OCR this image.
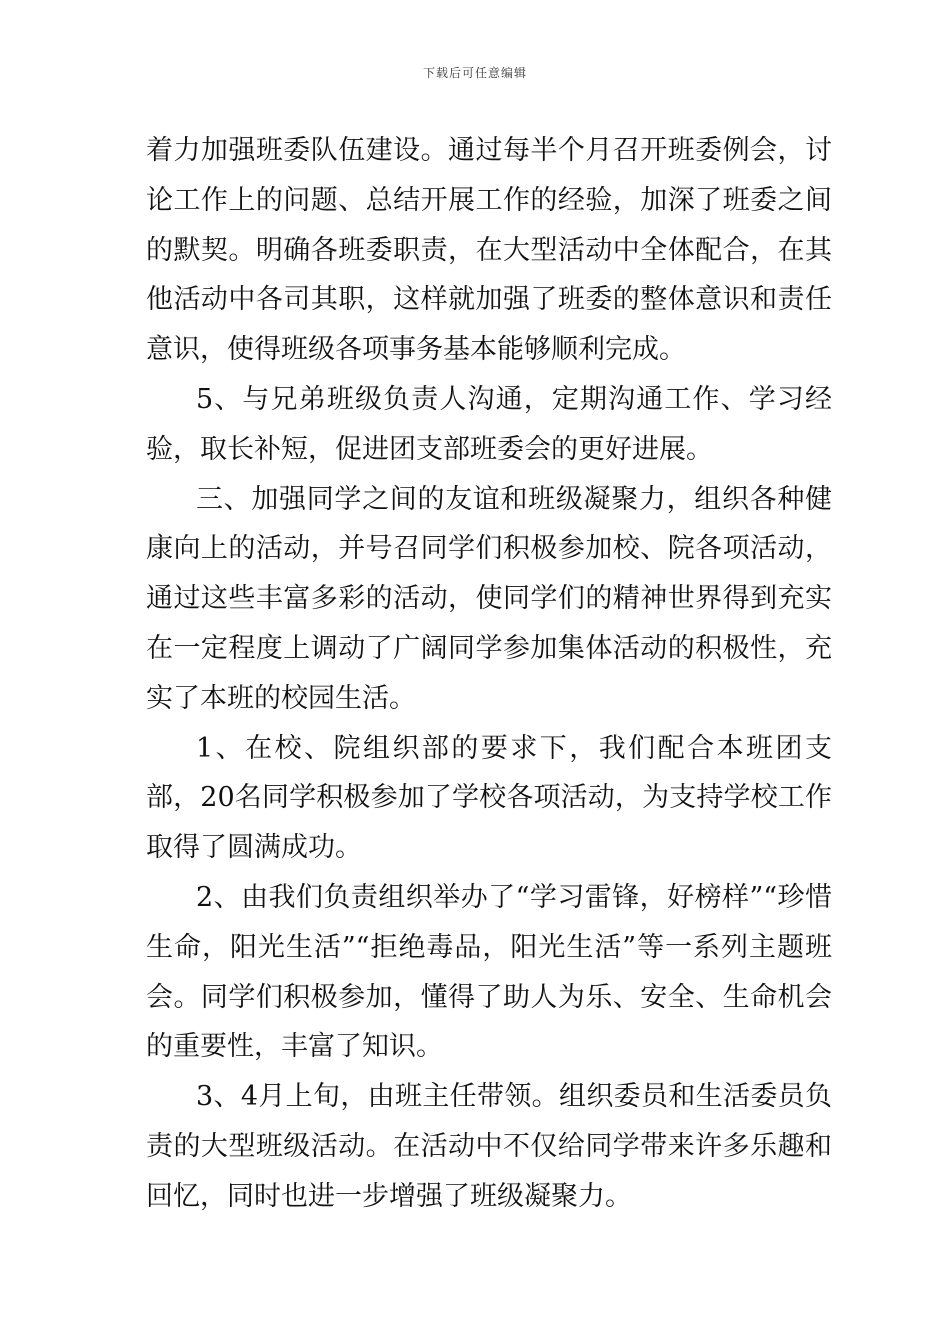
下载后可任意编辑

着力加强班委队伍建设。通过每半个月召开班委例会，讨论工作上的问题、总结开展工作的经验，加深了班委之间的默契。明确各班委职责，在大型活动中全体配合，在其他活动中各司其职，这样就加强了班委的整体意识和责任意识，使得班级各项事务基本能够顺利完成。

5、与兄弟班级负责人沟通，定期沟通工作、学习经验，取长补短，促进团支部班委会的更好进展。

三、加强同学之间的友谊和班级凝聚力，组织各种健康向上的活动，并号召同学们积极参加校、院各项活动，通过这些丰富多彩的活动，使同学们的精神世界得到充实在一定程度上调动了广阔同学参加集体活动的积极性，充实了本班的校园生活。

1、在校、院组织部的要求下，我们配合本班团支部，20名同学积极参加了学校各项活动，为支持学校工作取得了圆满成功。

2、由我们负责组织举办了“学习雷锋，好榜样”“珍惜生命，阳光生活”“拒绝毒品，阳光生活”等一系列主题班会。同学们积极参加，懂得了助人为乐、安全、生命机会的重要性，丰富了知识。

3、4月上旬，由班主任带领。组织委员和生活委员负责的大型班级活动。在活动中不仅给同学带来许多乐趣和回忆，同时也进一步增强了班级凝聚力。
